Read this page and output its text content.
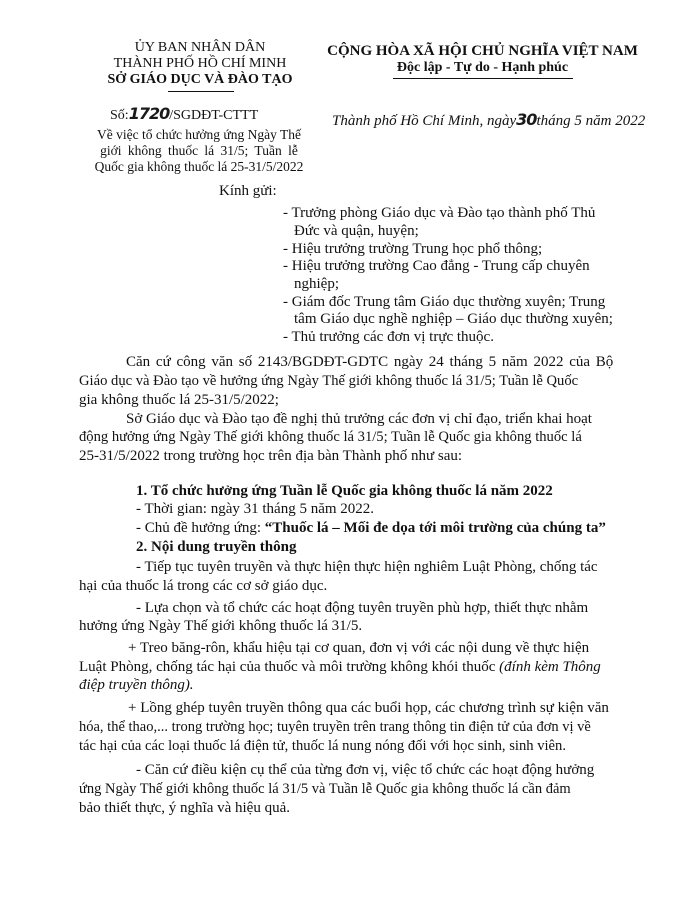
ỦY BAN NHÂN DÂN
THÀNH PHỐ HỒ CHÍ MINH
SỞ GIÁO DỤC VÀ ĐÀO TẠO
CỘNG HÒA XÃ HỘI CHỦ NGHĨA VIỆT NAM
Độc lập - Tự do - Hạnh phúc
Số:1720/SGDĐT-CTTT
Về việc tổ chức hưởng ứng Ngày Thế
giới không thuốc lá 31/5; Tuần lễ
Quốc gia không thuốc lá 25-31/5/2022
Thành phố Hồ Chí Minh, ngày30tháng 5 năm 2022
Kính gửi:
- Trưởng phòng Giáo dục và Đào tạo thành phố Thủ
Đức và quận, huyện;
- Hiệu trưởng trường Trung học phổ thông;
- Hiệu trưởng trường Cao đẳng - Trung cấp chuyên
nghiệp;
- Giám đốc Trung tâm Giáo dục thường xuyên; Trung
tâm Giáo dục nghề nghiệp – Giáo dục thường xuyên;
- Thủ trưởng các đơn vị trực thuộc.
Căn cứ công văn số 2143/BGDĐT-GDTC ngày 24 tháng 5 năm 2022 của Bộ
Giáo dục và Đào tạo về hưởng ứng Ngày Thế giới không thuốc lá 31/5; Tuần lễ Quốc
gia không thuốc lá 25-31/5/2022;
Sở Giáo dục và Đào tạo đề nghị thủ trưởng các đơn vị chỉ đạo, triển khai hoạt
động hưởng ứng Ngày Thế giới không thuốc lá 31/5; Tuần lễ Quốc gia không thuốc lá
25-31/5/2022 trong trường học trên địa bàn Thành phố như sau:
1. Tổ chức hưởng ứng Tuần lễ Quốc gia không thuốc lá năm 2022
- Thời gian: ngày 31 tháng 5 năm 2022.
- Chủ đề hưởng ứng: “Thuốc lá – Mối đe dọa tới môi trường của chúng ta”
2. Nội dung truyền thông
- Tiếp tục tuyên truyền và thực hiện thực hiện nghiêm Luật Phòng, chống tác
hại của thuốc lá trong các cơ sở giáo dục.
- Lựa chọn và tổ chức các hoạt động tuyên truyền phù hợp, thiết thực nhằm
hưởng ứng Ngày Thế giới không thuốc lá 31/5.
+ Treo băng-rôn, khẩu hiệu tại cơ quan, đơn vị với các nội dung về thực hiện
Luật Phòng, chống tác hại của thuốc và môi trường không khói thuốc (đính kèm Thông
điệp truyền thông).
+ Lồng ghép tuyên truyền thông qua các buổi họp, các chương trình sự kiện văn
hóa, thể thao,... trong trường học; tuyên truyền trên trang thông tin điện tử của đơn vị về
tác hại của các loại thuốc lá điện tử, thuốc lá nung nóng đối với học sinh, sinh viên.
- Căn cứ điều kiện cụ thể của từng đơn vị, việc tổ chức các hoạt động hưởng
ứng Ngày Thế giới không thuốc lá 31/5 và Tuần lễ Quốc gia không thuốc lá cần đảm
bảo thiết thực, ý nghĩa và hiệu quả.
